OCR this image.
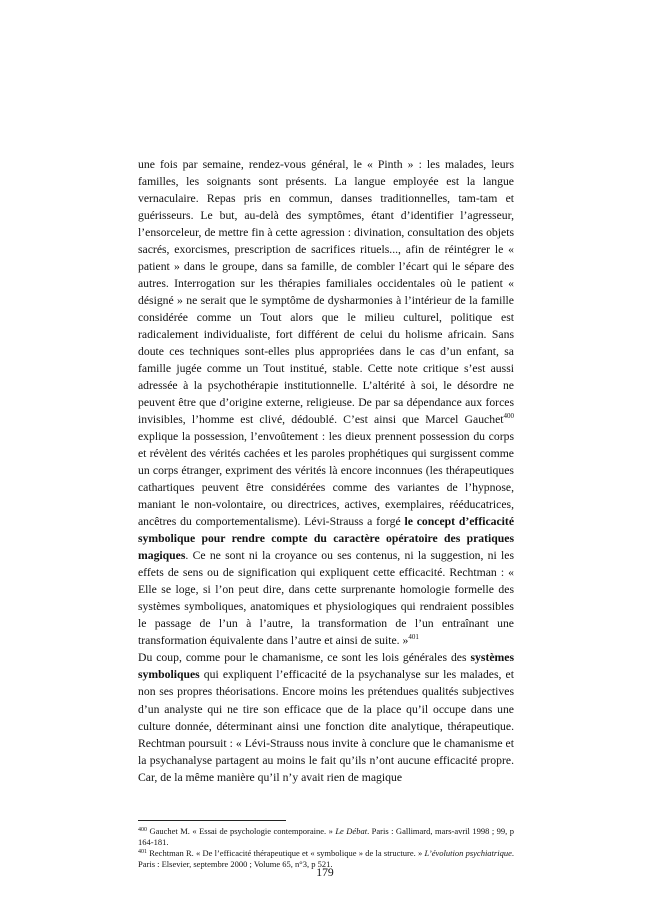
une fois par semaine, rendez-vous général, le « Pinth » : les malades, leurs familles, les soignants sont présents. La langue employée est la langue vernaculaire. Repas pris en commun, danses traditionnelles, tam-tam et guérisseurs. Le but, au-delà des symptômes, étant d’identifier l’agresseur, l’ensorceleur, de mettre fin à cette agression : divination, consultation des objets sacrés, exorcismes, prescription de sacrifices rituels..., afin de réintégrer le « patient » dans le groupe, dans sa famille, de combler l’écart qui le sépare des autres. Interrogation sur les thérapies familiales occidentales où le patient « désigné » ne serait que le symptôme de dysharmonies à l’intérieur de la famille considérée comme un Tout alors que le milieu culturel, politique est radicalement individualiste, fort différent de celui du holisme africain. Sans doute ces techniques sont-elles plus appropriées dans le cas d’un enfant, sa famille jugée comme un Tout institué, stable. Cette note critique s’est aussi adressée à la psychothérapie institutionnelle. L’altérité à soi, le désordre ne peuvent être que d’origine externe, religieuse. De par sa dépendance aux forces invisibles, l’homme est clivé, dédoublé. C’est ainsi que Marcel Gauchet$^{400}$ explique la possession, l’envoûtement : les dieux prennent possession du corps et révèlent des vérités cachées et les paroles prophétiques qui surgissent comme un corps étranger, expriment des vérités là encore inconnues (les thérapeutiques cathartiques peuvent être considérées comme des variantes de l’hypnose, maniant le non-volontaire, ou directrices, actives, exemplaires, rééducatrices, ancêtres du comportementalisme). Lévi-Strauss a forgé le concept d’efficacité symbolique pour rendre compte du caractère opératoire des pratiques magiques. Ce ne sont ni la croyance ou ses contenus, ni la suggestion, ni les effets de sens ou de signification qui expliquent cette efficacité. Rechtman : « Elle se loge, si l’on peut dire, dans cette surprenante homologie formelle des systèmes symboliques, anatomiques et physiologiques qui rendraient possibles le passage de l’un à l’autre, la transformation de l’un entraînant une transformation équivalente dans l’autre et ainsi de suite. »$^{401}$

Du coup, comme pour le chamanisme, ce sont les lois générales des systèmes symboliques qui expliquent l’efficacité de la psychanalyse sur les malades, et non ses propres théorisations. Encore moins les prétendues qualités subjectives d’un analyste qui ne tire son efficace que de la place qu’il occupe dans une culture donnée, déterminant ainsi une fonction dite analytique, thérapeutique. Rechtman poursuit : « Lévi-Strauss nous invite à conclure que le chamanisme et la psychanalyse partagent au moins le fait qu’ils n’ont aucune efficacité propre. Car, de la même manière qu’il n’y avait rien de magique

$^{400}$ Gauchet M. « Essai de psychologie contemporaine. » Le Débat. Paris : Gallimard, mars-avril 1998 ; 99, p 164-181.

$^{401}$ Rechtman R. « De l’efficacité thérapeutique et « symbolique » de la structure. » L’évolution psychiatrique. Paris : Elsevier, septembre 2000 ; Volume 65, n°3, p 521.

179
